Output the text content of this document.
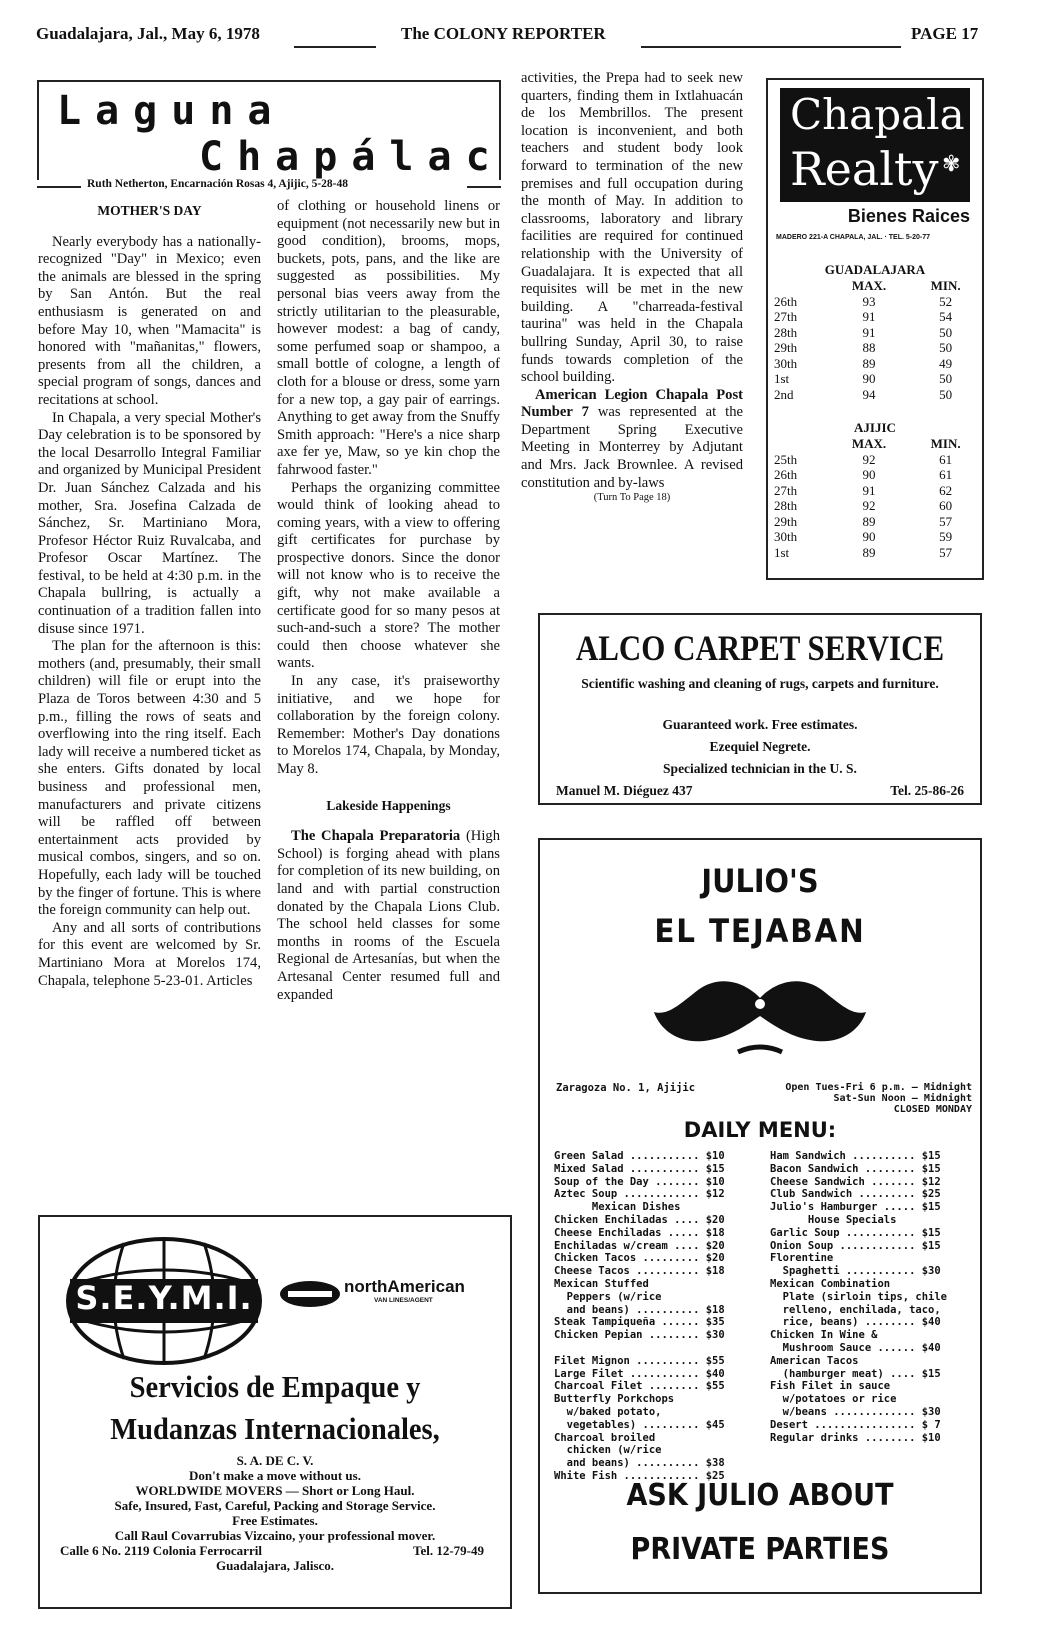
Guadalajara, Jal., May 6, 1978	The COLONY REPORTER	PAGE 17
Laguna
Chapálac
Ruth Netherton, Encarnación Rosas 4, Ajijic, 5-28-48
MOTHER'S DAY

Nearly everybody has a nationally-recognized "Day" in Mexico; even the animals are blessed in the spring by San Antón. But the real enthusiasm is generated on and before May 10, when "Mamacita" is honored with "mañanitas," flowers, presents from all the children, a special program of songs, dances and recitations at school.

In Chapala, a very special Mother's Day celebration is to be sponsored by the local Desarrollo Integral Familiar and organized by Municipal President Dr. Juan Sánchez Calzada and his mother, Sra. Josefina Calzada de Sánchez, Sr. Martiniano Mora, Profesor Héctor Ruiz Ruvalcaba, and Profesor Oscar Martínez. The festival, to be held at 4:30 p.m. in the Chapala bullring, is actually a continuation of a tradition fallen into disuse since 1971.

The plan for the afternoon is this: mothers (and, presumably, their small children) will file or erupt into the Plaza de Toros between 4:30 and 5 p.m., filling the rows of seats and overflowing into the ring itself. Each lady will receive a numbered ticket as she enters. Gifts donated by local business and professional men, manufacturers and private citizens will be raffled off between entertainment acts provided by musical combos, singers, and so on. Hopefully, each lady will be touched by the finger of fortune. This is where the foreign community can help out.

Any and all sorts of contributions for this event are welcomed by Sr. Martiniano Mora at Morelos 174, Chapala, telephone 5-23-01. Articles

of clothing or household linens or equipment (not necessarily new but in good condition), brooms, mops, buckets, pots, pans, and the like are suggested as possibilities. My personal bias veers away from the strictly utilitarian to the pleasurable, however modest: a bag of candy, some perfumed soap or shampoo, a small bottle of cologne, a length of cloth for a blouse or dress, some yarn for a new top, a gay pair of earrings. Anything to get away from the Snuffy Smith approach: "Here's a nice sharp axe fer ye, Maw, so ye kin chop the fahrwood faster."

Perhaps the organizing committee would think of looking ahead to coming years, with a view to offering gift certificates for purchase by prospective donors. Since the donor will not know who is to receive the gift, why not make available a certificate good for so many pesos at such-and-such a store? The mother could then choose whatever she wants.

In any case, it's praiseworthy initiative, and we hope for collaboration by the foreign colony. Remember: Mother's Day donations to Morelos 174, Chapala, by Monday, May 8.

Lakeside Happenings

The Chapala Preparatoria (High School) is forging ahead with plans for completion of its new building, on land and with partial construction donated by the Chapala Lions Club. The school held classes for some months in rooms of the Escuela Regional de Artesanías, but when the Artesanal Center resumed full and expanded

activities, the Prepa had to seek new quarters, finding them in Ixtlahuacán de los Membrillos. The present location is inconvenient, and both teachers and student body look forward to termination of the new premises and full occupation during the month of May. In addition to classrooms, laboratory and library facilities are required for continued relationship with the University of Guadalajara. It is expected that all requisites will be met in the new building. A "charreada-festival taurina" was held in the Chapala bullring Sunday, April 30, to raise funds towards completion of the school building.

American Legion Chapala Post Number 7 was represented at the Department Spring Executive Meeting in Monterrey by Adjutant and Mrs. Jack Brownlee. A revised constitution and by-laws

(Turn To Page 18)
Chapala
Realty ✾
Bienes Raices
MADERO 221-A CHAPALA, JAL. · TEL. 5-20-77
GUADALAJARA
	MAX.	MIN.
26th	93	52
27th	91	54
28th	91	50
29th	88	50
30th	89	49
1st	90	50
2nd	94	50
AJIJIC
	MAX.	MIN.
25th	92	61
26th	90	61
27th	91	62
28th	92	60
29th	89	57
30th	90	59
1st	89	57
ALCO CARPET SERVICE
Scientific washing and cleaning of rugs, carpets and furniture.
Guaranteed work. Free estimates.
Ezequiel Negrete.
Specialized technician in the U. S.
Manuel M. Diéguez 437	Tel. 25-86-26
S.E.Y.M.I.	northAmerican
VAN LINES/AGENT
Servicios de Empaque y
Mudanzas Internacionales,
S. A. DE C. V.
Don't make a move without us.
WORLDWIDE MOVERS — Short or Long Haul.
Safe, Insured, Fast, Careful, Packing and Storage Service.
Free Estimates.
Call Raul Covarrubias Vizcaino, your professional mover.
Calle 6 No. 2119 Colonia Ferrocarril	Tel. 12-79-49
Guadalajara, Jalisco.
JULIO'S
EL TEJABAN
Zaragoza No. 1, Ajijic	Open Tues-Fri 6 p.m. — Midnight
Sat-Sun Noon — Midnight
CLOSED MONDAY
DAILY MENU:
Green Salad ........... $10
Mixed Salad ........... $15
Soup of the Day ....... $10
Aztec Soup ............ $12
Mexican Dishes
Chicken Enchiladas .... $20
Cheese Enchiladas ..... $18
Enchiladas w/cream .... $20
Chicken Tacos ......... $20
Cheese Tacos .......... $18
Mexican Stuffed
Peppers (w/rice
and beans) .......... $18
Steak Tampiqueña ...... $35
Chicken Pepian ........ $30
Filet Mignon .......... $55
Large Filet ........... $40
Charcoal Filet ........ $55
Butterfly Porkchops
w/baked potato,
vegetables) ......... $45
Charcoal broiled
chicken (w/rice
and beans) .......... $38
White Fish ............ $25
Ham Sandwich .......... $15
Bacon Sandwich ........ $15
Cheese Sandwich ....... $12
Club Sandwich ......... $25
Julio's Hamburger ..... $15
House Specials
Garlic Soup ........... $15
Onion Soup ............ $15
Florentine
Spaghetti ........... $30
Mexican Combination
Plate (sirloin tips, chile
relleno, enchilada, taco,
rice, beans) ........ $40
Chicken In Wine &
Mushroom Sauce ...... $40
American Tacos
(hamburger meat) .... $15
Fish Filet in sauce
w/potatoes or rice
w/beans ............. $30
Desert ................ $ 7
Regular drinks ........ $10
ASK JULIO ABOUT
PRIVATE PARTIES
